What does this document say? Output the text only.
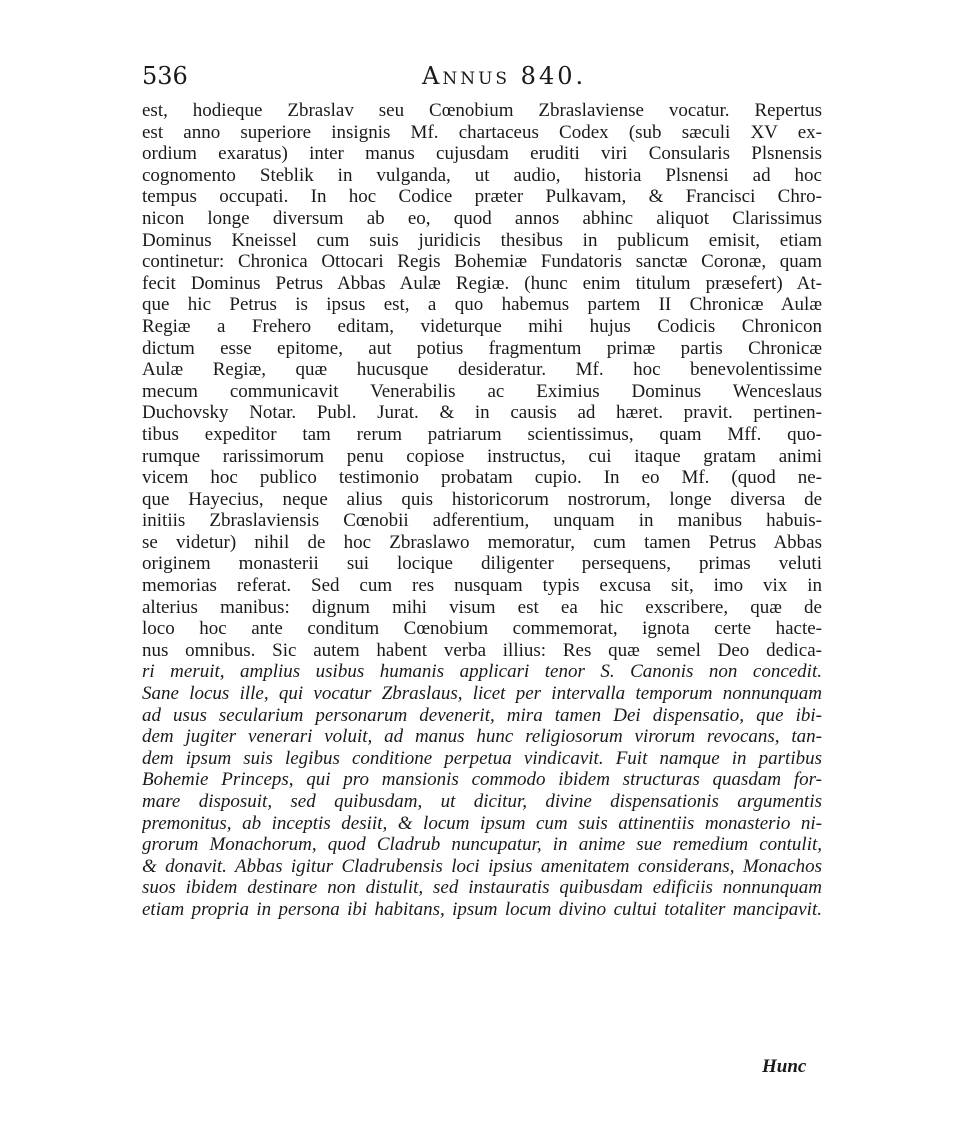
536	Annus 840.
est, hodieque Zbraslav seu Cœnobium Zbraslaviense vocatur. Repertus
est anno superiore insignis Mf. chartaceus Codex (sub sæculi XV ex-
ordium exaratus) inter manus cujusdam eruditi viri Consularis Plsnensis
cognomento Steblik in vulganda, ut audio, historia Plsnensi ad hoc
tempus occupati. In hoc Codice præter Pulkavam, & Francisci Chro-
nicon longe diversum ab eo, quod annos abhinc aliquot Clarissimus
Dominus Kneissel cum suis juridicis thesibus in publicum emisit, etiam
continetur: Chronica Ottocari Regis Bohemiæ Fundatoris sanctæ Coronæ, quam
fecit Dominus Petrus Abbas Aulæ Regiæ. (hunc enim titulum præsefert) At-
que hic Petrus is ipsus est, a quo habemus partem II Chronicæ Aulæ
Regiæ a Frehero editam, videturque mihi hujus Codicis Chronicon
dictum esse epitome, aut potius fragmentum primæ partis Chronicæ
Aulæ Regiæ, quæ hucusque desideratur. Mf. hoc benevolentissime
mecum communicavit Venerabilis ac Eximius Dominus Wenceslaus
Duchovsky Notar. Publ. Jurat. & in causis ad hæret. pravit. pertinen-
tibus expeditor tam rerum patriarum scientissimus, quam Mff. quo-
rumque rarissimorum penu copiose instructus, cui itaque gratam animi
vicem hoc publico testimonio probatam cupio. In eo Mf. (quod ne-
que Hayecius, neque alius quis historicorum nostrorum, longe diversa de
initiis Zbraslaviensis Cœnobii adferentium, unquam in manibus habuis-
se videtur) nihil de hoc Zbraslawo memoratur, cum tamen Petrus Abbas
originem monasterii sui locique diligenter persequens, primas veluti
memorias referat. Sed cum res nusquam typis excusa sit, imo vix in
alterius manibus: dignum mihi visum est ea hic exscribere, quæ de
loco hoc ante conditum Cœnobium commemorat, ignota certe hacte-
nus omnibus. Sic autem habent verba illius: Res quæ semel Deo dedica-
ri meruit, amplius usibus humanis applicari tenor S. Canonis non concedit.
Sane locus ille, qui vocatur Zbraslaus, licet per intervalla temporum nonnunquam
ad usus secularium personarum devenerit, mira tamen Dei dispensatio, que ibi-
dem jugiter venerari voluit, ad manus hunc religiosorum virorum revocans, tan-
dem ipsum suis legibus conditione perpetua vindicavit. Fuit namque in partibus
Bohemie Princeps, qui pro mansionis commodo ibidem structuras quasdam for-
mare disposuit, sed quibusdam, ut dicitur, divine dispensationis argumentis
premonitus, ab inceptis desiit, & locum ipsum cum suis attinentiis monasterio ni-
grorum Monachorum, quod Cladrub nuncupatur, in anime sue remedium contulit,
& donavit. Abbas igitur Cladrubensis loci ipsius amenitatem considerans, Monachos
suos ibidem destinare non distulit, sed instauratis quibusdam edificiis nonnunquam
etiam propria in persona ibi habitans, ipsum locum divino cultui totaliter mancipavit.
Hunc
